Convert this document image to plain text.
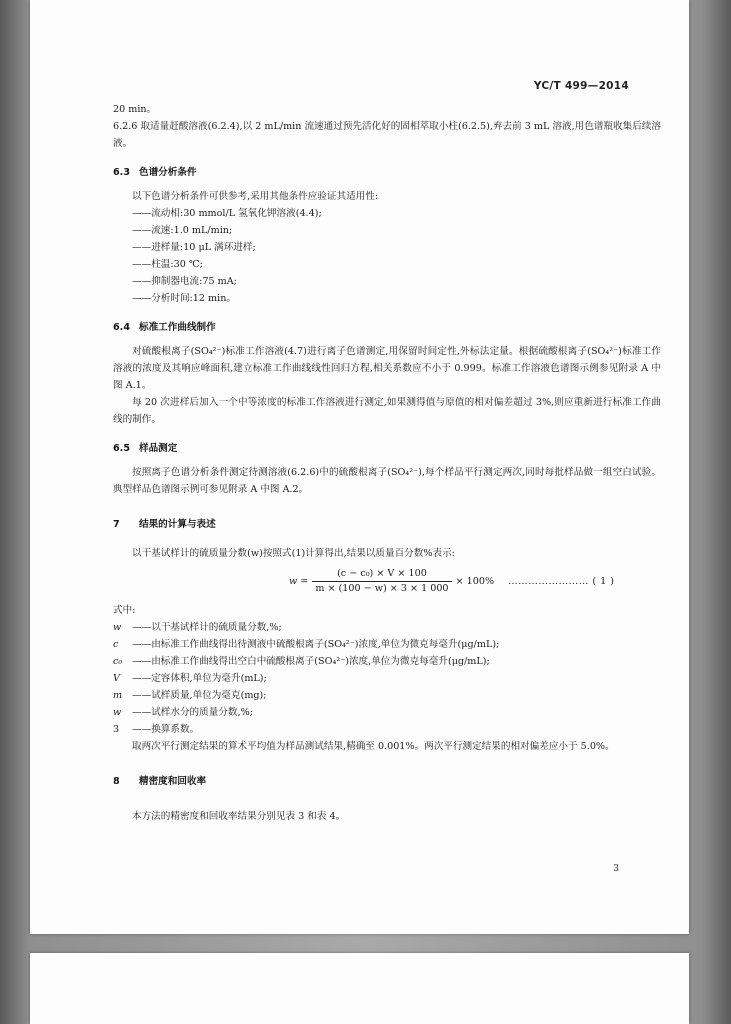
YC/T 499—2014

20 min。

6.2.6 取适量赶酸溶液(6.2.4),以 2 mL/min 流速通过预先活化好的固相萃取小柱(6.2.5),弃去前 3 mL 溶液,用色谱瓶收集后续溶液。

6.3 色谱分析条件

以下色谱分析条件可供参考,采用其他条件应验证其适用性:

——流动相:30 mmol/L 氢氧化钾溶液(4.4);

——流速:1.0 mL/min;

——进样量:10 μL 满环进样;

——柱温:30 ℃;

——抑制器电流:75 mA;

——分析时间:12 min。

6.4 标准工作曲线制作

对硫酸根离子(SO₄²⁻)标准工作溶液(4.7)进行离子色谱测定,用保留时间定性,外标法定量。根据硫酸根离子(SO₄²⁻)标准工作溶液的浓度及其响应峰面积,建立标准工作曲线线性回归方程,相关系数应不小于 0.999。标准工作溶液色谱图示例参见附录 A 中图 A.1。

每 20 次进样后加入一个中等浓度的标准工作溶液进行测定,如果测得值与原值的相对偏差超过 3%,则应重新进行标准工作曲线的制作。

6.5 样品测定

按照离子色谱分析条件测定待测溶液(6.2.6)中的硫酸根离子(SO₄²⁻),每个样品平行测定两次,同时每批样品做一组空白试验。典型样品色谱图示例可参见附录 A 中图 A.2。

7 结果的计算与表述

以干基试样计的硫质量分数(w)按照式(1)计算得出,结果以质量百分数%表示:

$w = \frac{\text{(c − c₀) × V × 100}}{m \times (100 - w) \times 3 \times 1 000} \times 100\%$ …………………… ( 1 )

式中:

w	——以干基试样计的硫质量分数,%;
c	——由标准工作曲线得出待测液中硫酸根离子(SO₄²⁻)浓度,单位为微克每毫升(μg/mL);
c₀	——由标准工作曲线得出空白中硫酸根离子(SO₄²⁻)浓度,单位为微克每毫升(μg/mL);
V	——定容体积,单位为毫升(mL);
m	——试样质量,单位为毫克(mg);
w	——试样水分的质量分数,%;
3	——换算系数。

取两次平行测定结果的算术平均值为样品测试结果,精确至 0.001%。两次平行测定结果的相对偏差应小于 5.0%。

8 精密度和回收率

本方法的精密度和回收率结果分别见表 3 和表 4。

3
